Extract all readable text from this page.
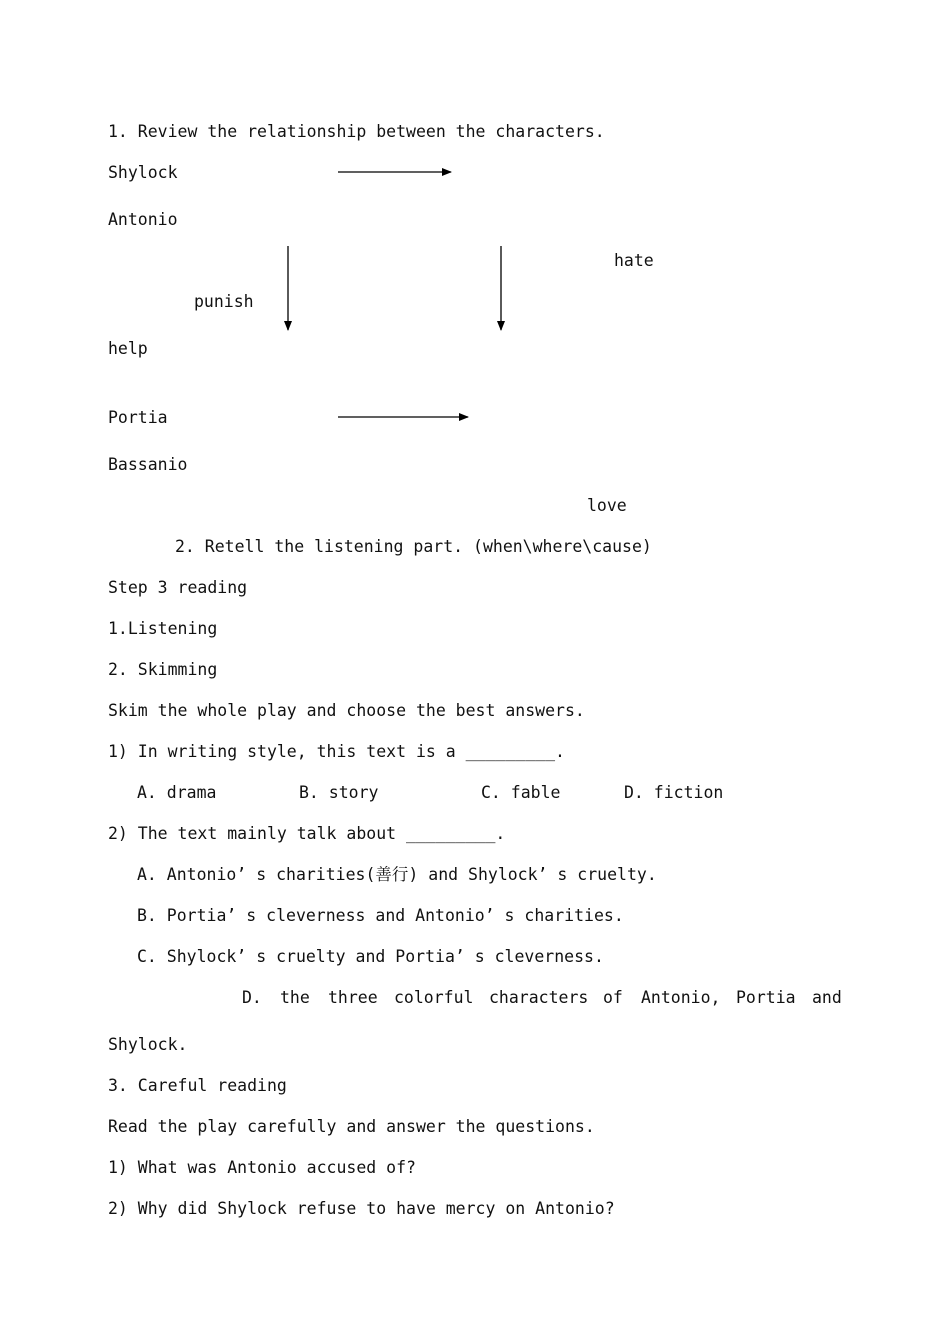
1. Review the relationship between the characters.
Shylock
Antonio
hate
punish
help
Portia
Bassanio
love
2. Retell the listening part. (when\where\cause)
Step 3 reading
1.Listening
2. Skimming
Skim the whole play and choose the best answers.
1) In writing style, this text is a _________.
A. drama	B. story	C. fable	D. fiction
2) The text mainly talk about _________.
A. Antonio’ s charities(善行) and Shylock’ s cruelty.
B. Portia’ s cleverness and Antonio’ s charities.
C. Shylock’ s cruelty and Portia’ s cleverness.
D. the three colorful characters of Antonio, Portia and
Shylock.
3. Careful reading
Read the play carefully and answer the questions.
1) What was Antonio accused of?
2) Why did Shylock refuse to have mercy on Antonio?
